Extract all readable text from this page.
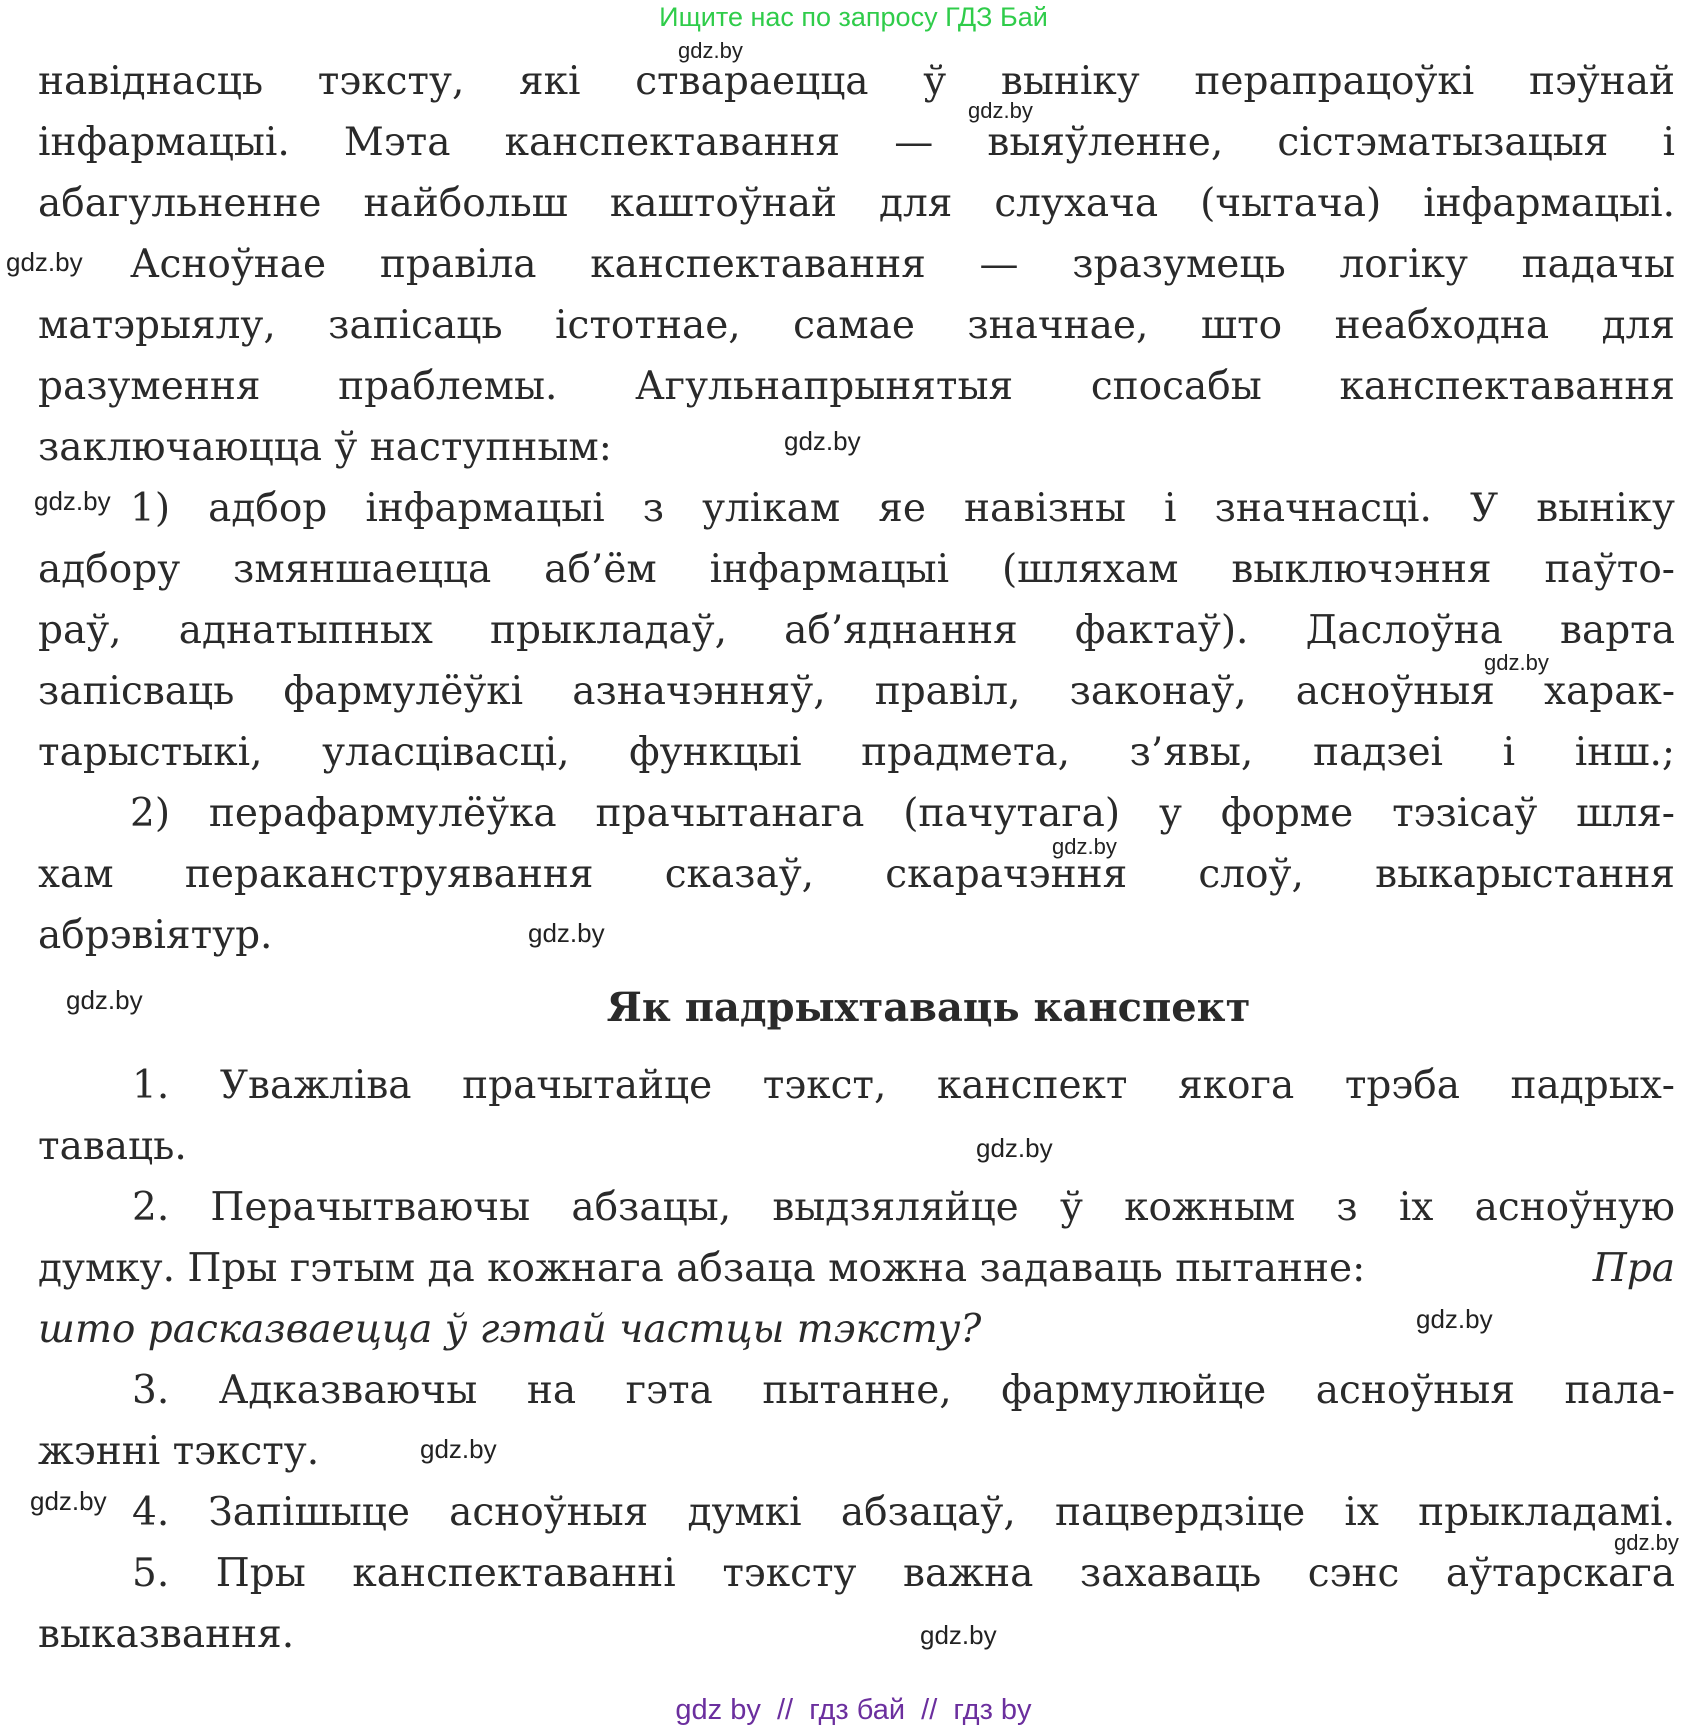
Ищите нас по запросу ГДЗ Бай
навіднасць тэксту, які ствараецца ў выніку перапрацоўкі пэўнай
інфармацыі. Мэта канспектавання — выяўленне, сістэматызацыя і
абагульненне найбольш каштоўнай для слухача (чытача) інфармацыі.
Асноўнае правіла канспектавання — зразумець логіку падачы
матэрыялу, запісаць істотнае, самае значнае, што неабходна для
разумення праблемы. Агульнапрынятыя спосабы канспектавання
заключаюцца ў наступным:
1) адбор інфармацыі з улікам яе навізны і значнасці. У выніку
адбору змяншаецца аб’ём інфармацыі (шляхам выключэння паўто-
раў, аднатыпных прыкладаў, аб’яднання фактаў). Даслоўна варта
запісваць фармулёўкі азначэнняў, правіл, законаў, асноўныя харак-
тарыстыкі, уласцівасці, функцыі прадмета, з’явы, падзеі і інш.;
2) перафармулёўка прачытанага (пачутага) у форме тэзісаў шля-
хам пераканструявання сказаў, скарачэння слоў, выкарыстання
абрэвіятур.
Як падрыхтаваць канспект
1. Уважліва прачытайце тэкст, канспект якога трэба падрых-
таваць.
2. Перачытваючы абзацы, выдзяляйце ў кожным з іх асноўную
думку. Пры гэтым да кожнага абзаца можна задаваць пытанне:	Пра
што расказваецца ў гэтай частцы тэксту?
3. Адказваючы на гэта пытанне, фармулюйце асноўныя пала-
жэнні тэксту.
4. Запішыце асноўныя думкі абзацаў, пацвердзіце іх прыкладамі.
5. Пры канспектаванні тэксту важна захаваць сэнс аўтарскага
выказвання.
gdz.by
gdz.by
gdz.by
gdz.by
gdz.by
gdz.by
gdz.by
gdz.by
gdz.by
gdz.by
gdz.by
gdz.by
gdz.by
gdz.by
gdz.by
gdz by  //  гдз бай  //  гдз by
